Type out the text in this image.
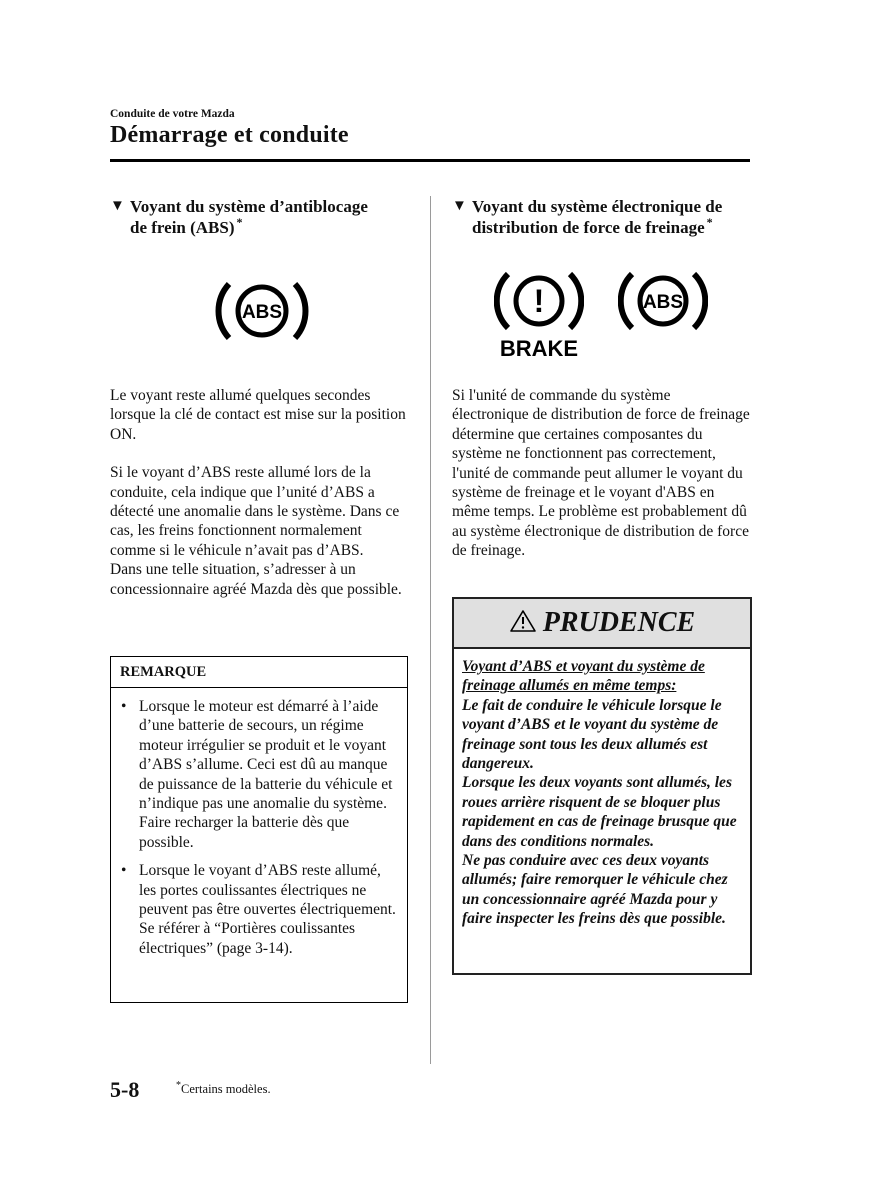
Conduite de votre Mazda
Démarrage et conduite
▼ Voyant du système d’antiblocage
de frein (ABS) *
ABS

Le voyant reste allumé quelques secondes lorsque la clé de contact est mise sur la position ON.

Si le voyant d’ABS reste allumé lors de la conduite, cela indique que l’unité d’ABS a détecté une anomalie dans le système. Dans ce cas, les freins fonctionnent normalement comme si le véhicule n’avait pas d’ABS.

Dans une telle situation, s’adresser à un concessionnaire agréé Mazda dès que possible.

REMARQUE
• Lorsque le moteur est démarré à l’aide d’une batterie de secours, un régime moteur irrégulier se produit et le voyant d’ABS s’allume. Ceci est dû au manque de puissance de la batterie du véhicule et n’indique pas une anomalie du système.
Faire recharger la batterie dès que possible.
• Lorsque le voyant d’ABS reste allumé, les portes coulissantes électriques ne peuvent pas être ouvertes électriquement. Se référer à “Portières coulissantes électriques” (page 3-14).
▼ Voyant du système électronique de
distribution de force de freinage *
!
BRAKE
ABS

Si l'unité de commande du système électronique de distribution de force de freinage détermine que certaines composantes du système ne fonctionnent pas correctement, l'unité de commande peut allumer le voyant du système de freinage et le voyant d'ABS en même temps. Le problème est probablement dû au système électronique de distribution de force de freinage.

PRUDENCE
Voyant d’ABS et voyant du système de freinage allumés en même temps:
Le fait de conduire le véhicule lorsque le voyant d’ABS et le voyant du système de freinage sont tous les deux allumés est dangereux.
Lorsque les deux voyants sont allumés, les roues arrière risquent de se bloquer plus rapidement en cas de freinage brusque que dans des conditions normales.
Ne pas conduire avec ces deux voyants allumés; faire remorquer le véhicule chez un concessionnaire agréé Mazda pour y faire inspecter les freins dès que possible.
5-8	*Certains modèles.
